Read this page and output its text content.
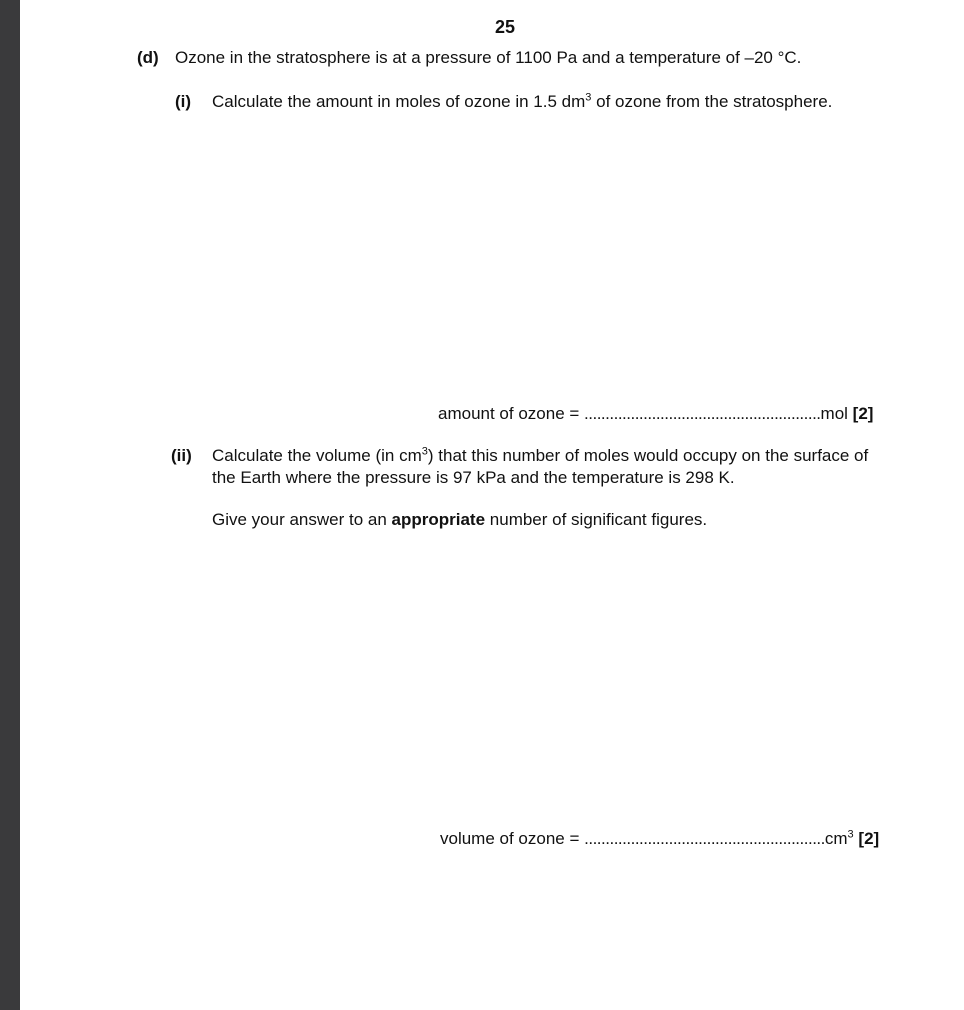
25
(d) Ozone in the stratosphere is at a pressure of 1100 Pa and a temperature of –20 °C.
(i) Calculate the amount in moles of ozone in 1.5 $dm^3$ of ozone from the stratosphere.
amount of ozone = ........................................................mol [2]
(ii) Calculate the volume (in $cm^3$) that this number of moles would occupy on the surface of
the Earth where the pressure is 97 kPa and the temperature is 298 K.
Give your answer to an appropriate number of significant figures.
volume of ozone = $.........................................................cm^3$ [2]
